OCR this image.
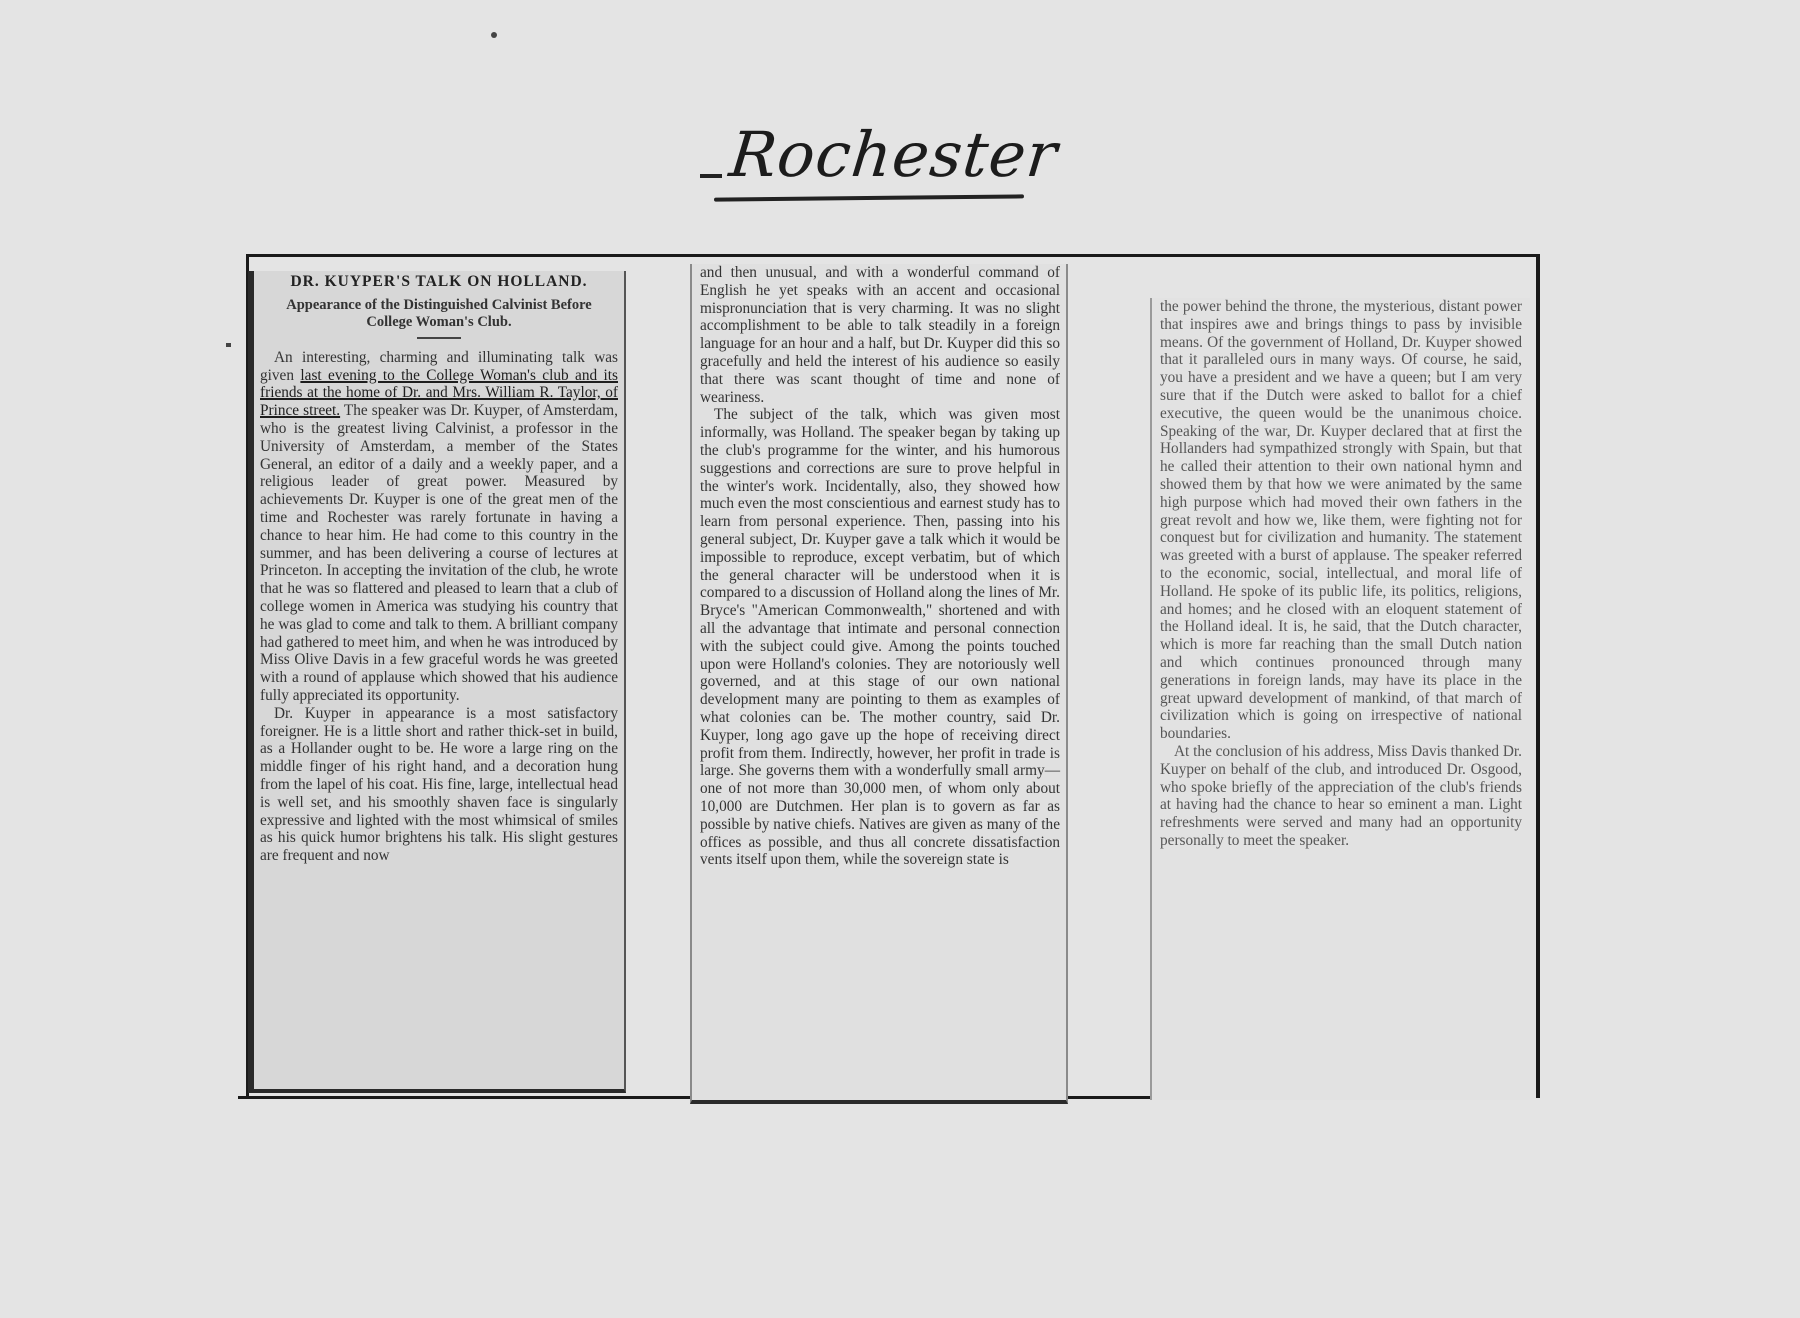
Rochester
DR. KUYPER'S TALK ON HOLLAND.
Appearance of the Distinguished Calvinist Before College Woman's Club.

An interesting, charming and illuminating talk was given last evening to the College Woman's club and its friends at the home of Dr. and Mrs. William R. Taylor, of Prince street. The speaker was Dr. Kuyper, of Amsterdam, who is the greatest living Calvinist, a professor in the University of Amsterdam, a member of the States General, an editor of a daily and a weekly paper, and a religious leader of great power. Measured by achievements Dr. Kuyper is one of the great men of the time and Rochester was rarely fortunate in having a chance to hear him. He had come to this country in the summer, and has been delivering a course of lectures at Princeton. In accepting the invitation of the club, he wrote that he was so flattered and pleased to learn that a club of college women in America was studying his country that he was glad to come and talk to them. A brilliant company had gathered to meet him, and when he was introduced by Miss Olive Davis in a few graceful words he was greeted with a round of applause which showed that his audience fully appreciated its opportunity.

Dr. Kuyper in appearance is a most satisfactory foreigner. He is a little short and rather thick-set in build, as a Hollander ought to be. He wore a large ring on the middle finger of his right hand, and a decoration hung from the lapel of his coat. His fine, large, intellectual head is well set, and his smoothly shaven face is singularly expressive and lighted with the most whimsical of smiles as his quick humor brightens his talk. His slight gestures are frequent and now

and then unusual, and with a wonderful command of English he yet speaks with an accent and occasional mispronunciation that is very charming. It was no slight accomplishment to be able to talk steadily in a foreign language for an hour and a half, but Dr. Kuyper did this so gracefully and held the interest of his audience so easily that there was scant thought of time and none of weariness.

The subject of the talk, which was given most informally, was Holland. The speaker began by taking up the club's programme for the winter, and his humorous suggestions and corrections are sure to prove helpful in the winter's work. Incidentally, also, they showed how much even the most conscientious and earnest study has to learn from personal experience. Then, passing into his general subject, Dr. Kuyper gave a talk which it would be impossible to reproduce, except verbatim, but of which the general character will be understood when it is compared to a discussion of Holland along the lines of Mr. Bryce's "American Commonwealth," shortened and with all the advantage that intimate and personal connection with the subject could give. Among the points touched upon were Holland's colonies. They are notoriously well governed, and at this stage of our own national development many are pointing to them as examples of what colonies can be. The mother country, said Dr. Kuyper, long ago gave up the hope of receiving direct profit from them. Indirectly, however, her profit in trade is large. She governs them with a wonderfully small army—one of not more than 30,000 men, of whom only about 10,000 are Dutchmen. Her plan is to govern as far as possible by native chiefs. Natives are given as many of the offices as possible, and thus all concrete dissatisfaction vents itself upon them, while the sovereign state is

the power behind the throne, the mysterious, distant power that inspires awe and brings things to pass by invisible means. Of the government of Holland, Dr. Kuyper showed that it paralleled ours in many ways. Of course, he said, you have a president and we have a queen; but I am very sure that if the Dutch were asked to ballot for a chief executive, the queen would be the unanimous choice. Speaking of the war, Dr. Kuyper declared that at first the Hollanders had sympathized strongly with Spain, but that he called their attention to their own national hymn and showed them by that how we were animated by the same high purpose which had moved their own fathers in the great revolt and how we, like them, were fighting not for conquest but for civilization and humanity. The statement was greeted with a burst of applause. The speaker referred to the economic, social, intellectual, and moral life of Holland. He spoke of its public life, its politics, religions, and homes; and he closed with an eloquent statement of the Holland ideal. It is, he said, that the Dutch character, which is more far reaching than the small Dutch nation and which continues pronounced through many generations in foreign lands, may have its place in the great upward development of mankind, of that march of civilization which is going on irrespective of national boundaries.

At the conclusion of his address, Miss Davis thanked Dr. Kuyper on behalf of the club, and introduced Dr. Osgood, who spoke briefly of the appreciation of the club's friends at having had the chance to hear so eminent a man. Light refreshments were served and many had an opportunity personally to meet the speaker.
